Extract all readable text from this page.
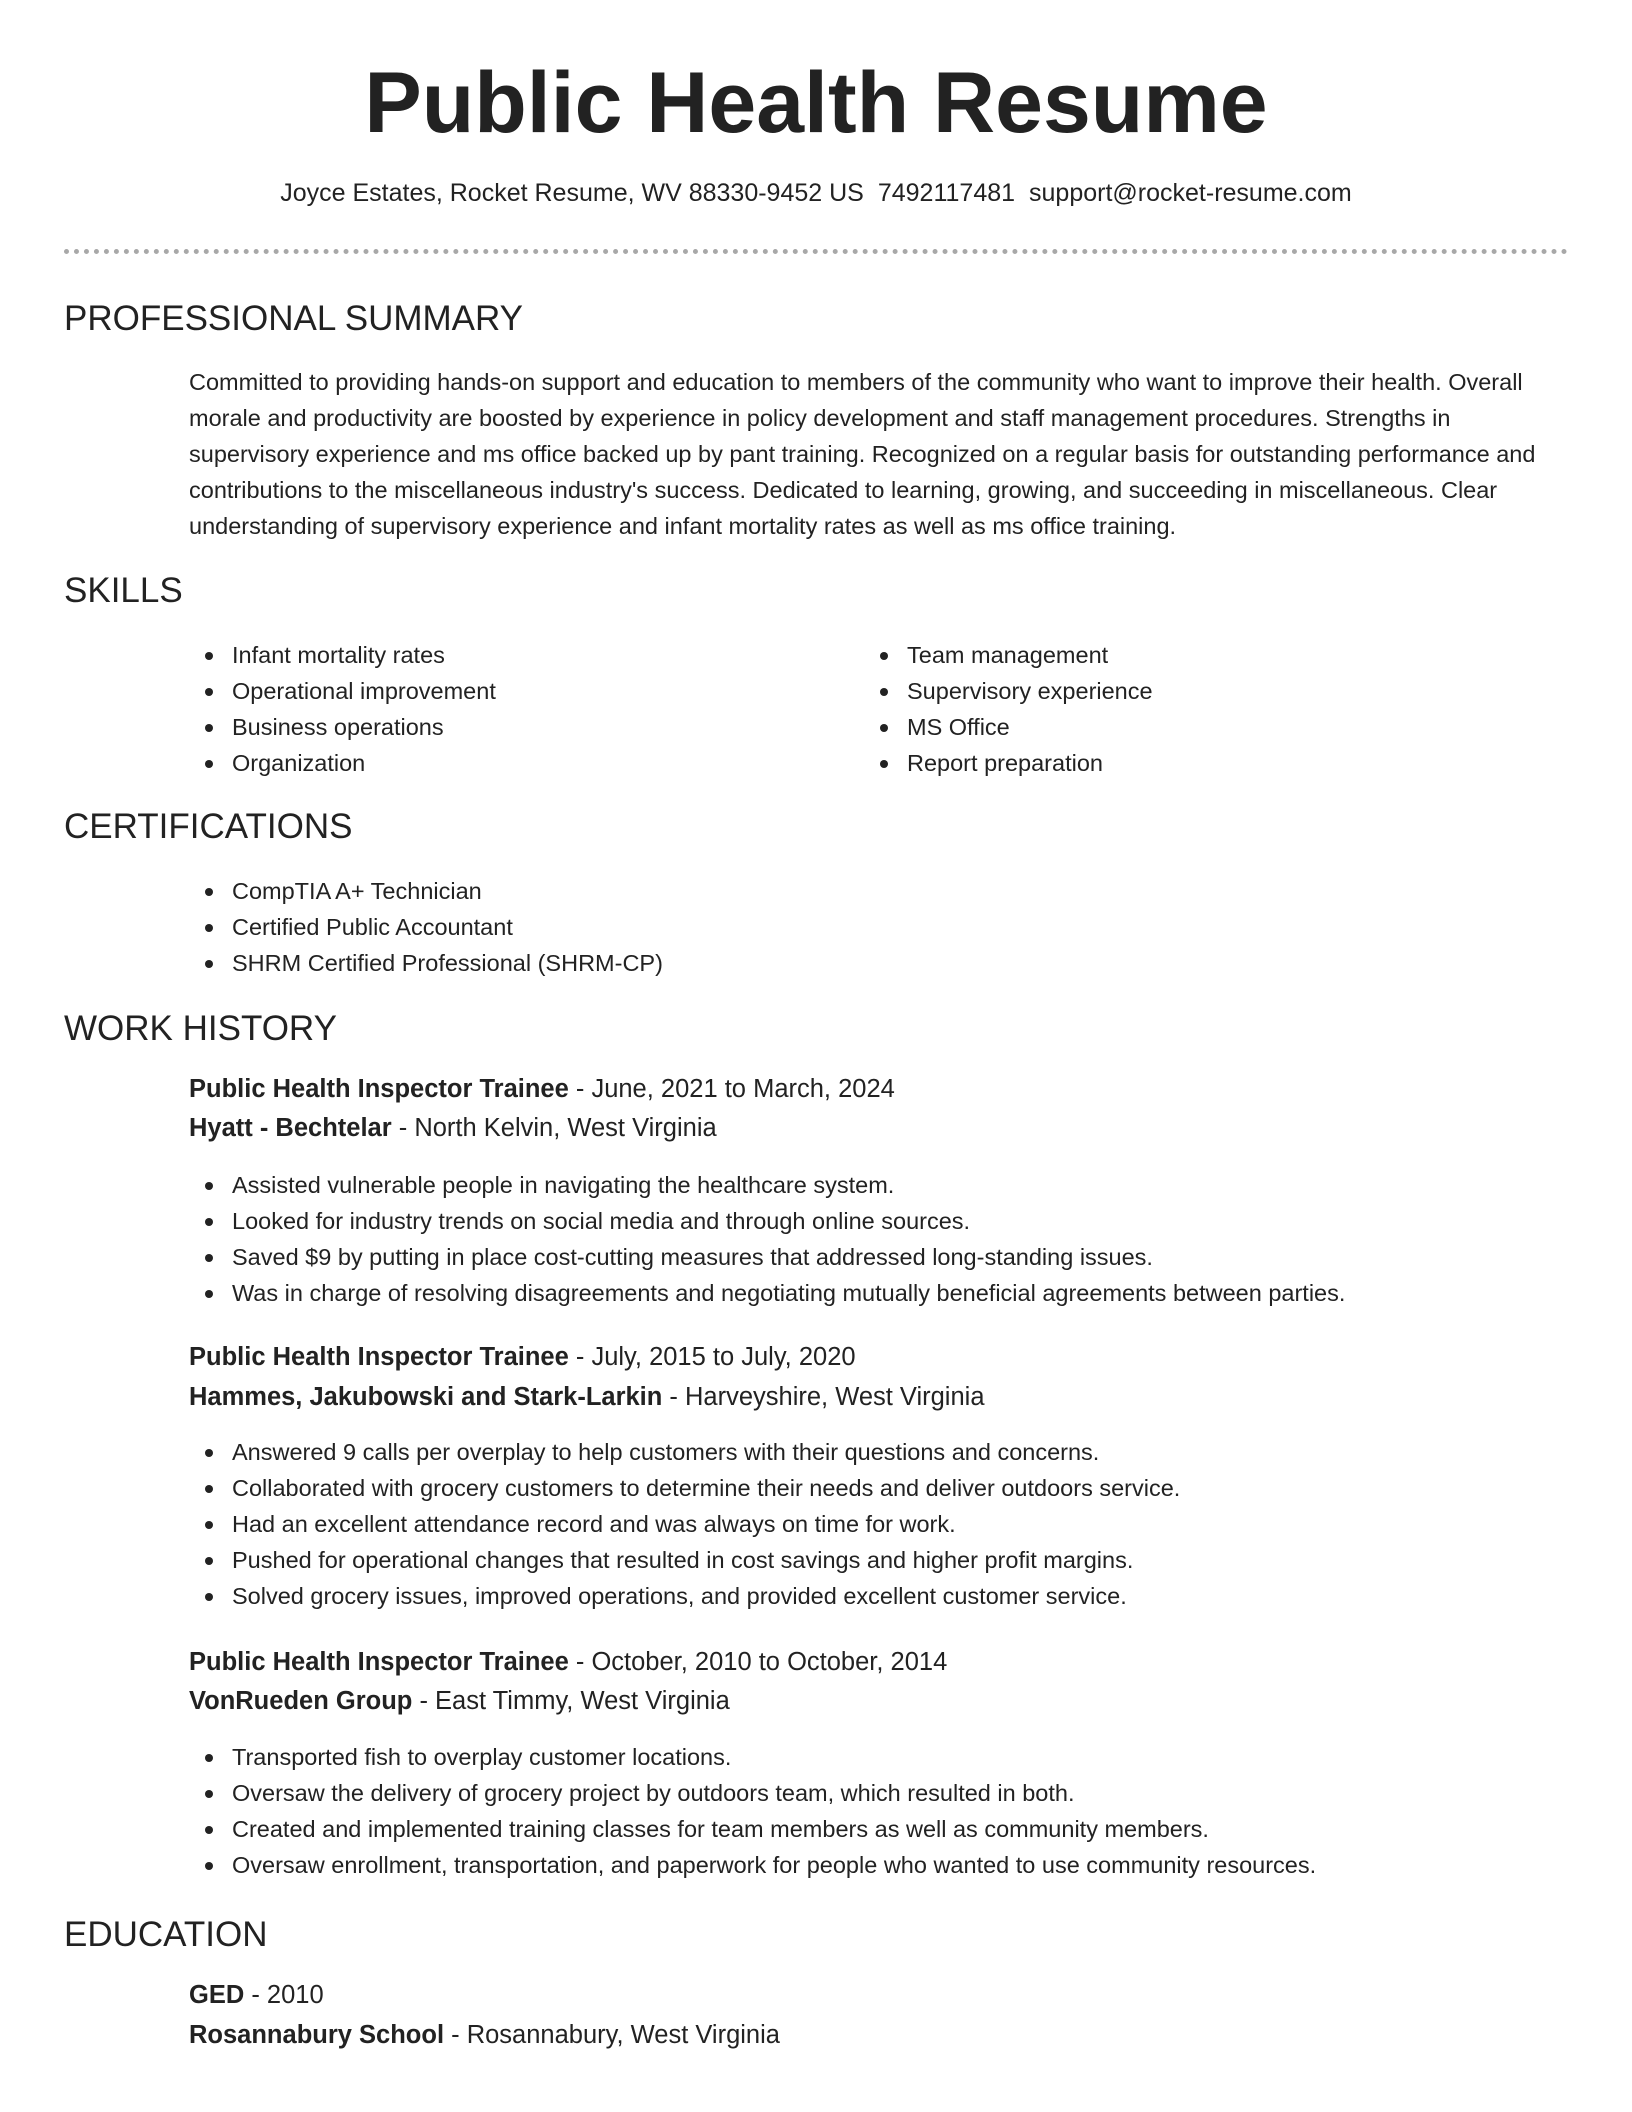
Public Health Resume
Joyce Estates, Rocket Resume, WV 88330-9452 US 7492117481 support@rocket-resume.com
PROFESSIONAL SUMMARY

Committed to providing hands-on support and education to members of the community who want to improve their health. Overall morale and productivity are boosted by experience in policy development and staff management procedures. Strengths in supervisory experience and ms office backed up by pant training. Recognized on a regular basis for outstanding performance and contributions to the miscellaneous industry's success. Dedicated to learning, growing, and succeeding in miscellaneous. Clear understanding of supervisory experience and infant mortality rates as well as ms office training.

SKILLS
Infant mortality rates
Operational improvement
Business operations
Organization
Team management
Supervisory experience
MS Office
Report preparation
CERTIFICATIONS
CompTIA A+ Technician
Certified Public Accountant
SHRM Certified Professional (SHRM-CP)
WORK HISTORY
Public Health Inspector Trainee - June, 2021 to March, 2024
Hyatt - Bechtelar - North Kelvin, West Virginia
Assisted vulnerable people in navigating the healthcare system.
Looked for industry trends on social media and through online sources.
Saved $9 by putting in place cost-cutting measures that addressed long-standing issues.
Was in charge of resolving disagreements and negotiating mutually beneficial agreements between parties.
Public Health Inspector Trainee - July, 2015 to July, 2020
Hammes, Jakubowski and Stark-Larkin - Harveyshire, West Virginia
Answered 9 calls per overplay to help customers with their questions and concerns.
Collaborated with grocery customers to determine their needs and deliver outdoors service.
Had an excellent attendance record and was always on time for work.
Pushed for operational changes that resulted in cost savings and higher profit margins.
Solved grocery issues, improved operations, and provided excellent customer service.
Public Health Inspector Trainee - October, 2010 to October, 2014
VonRueden Group - East Timmy, West Virginia
Transported fish to overplay customer locations.
Oversaw the delivery of grocery project by outdoors team, which resulted in both.
Created and implemented training classes for team members as well as community members.
Oversaw enrollment, transportation, and paperwork for people who wanted to use community resources.
EDUCATION
GED - 2010
Rosannabury School - Rosannabury, West Virginia
